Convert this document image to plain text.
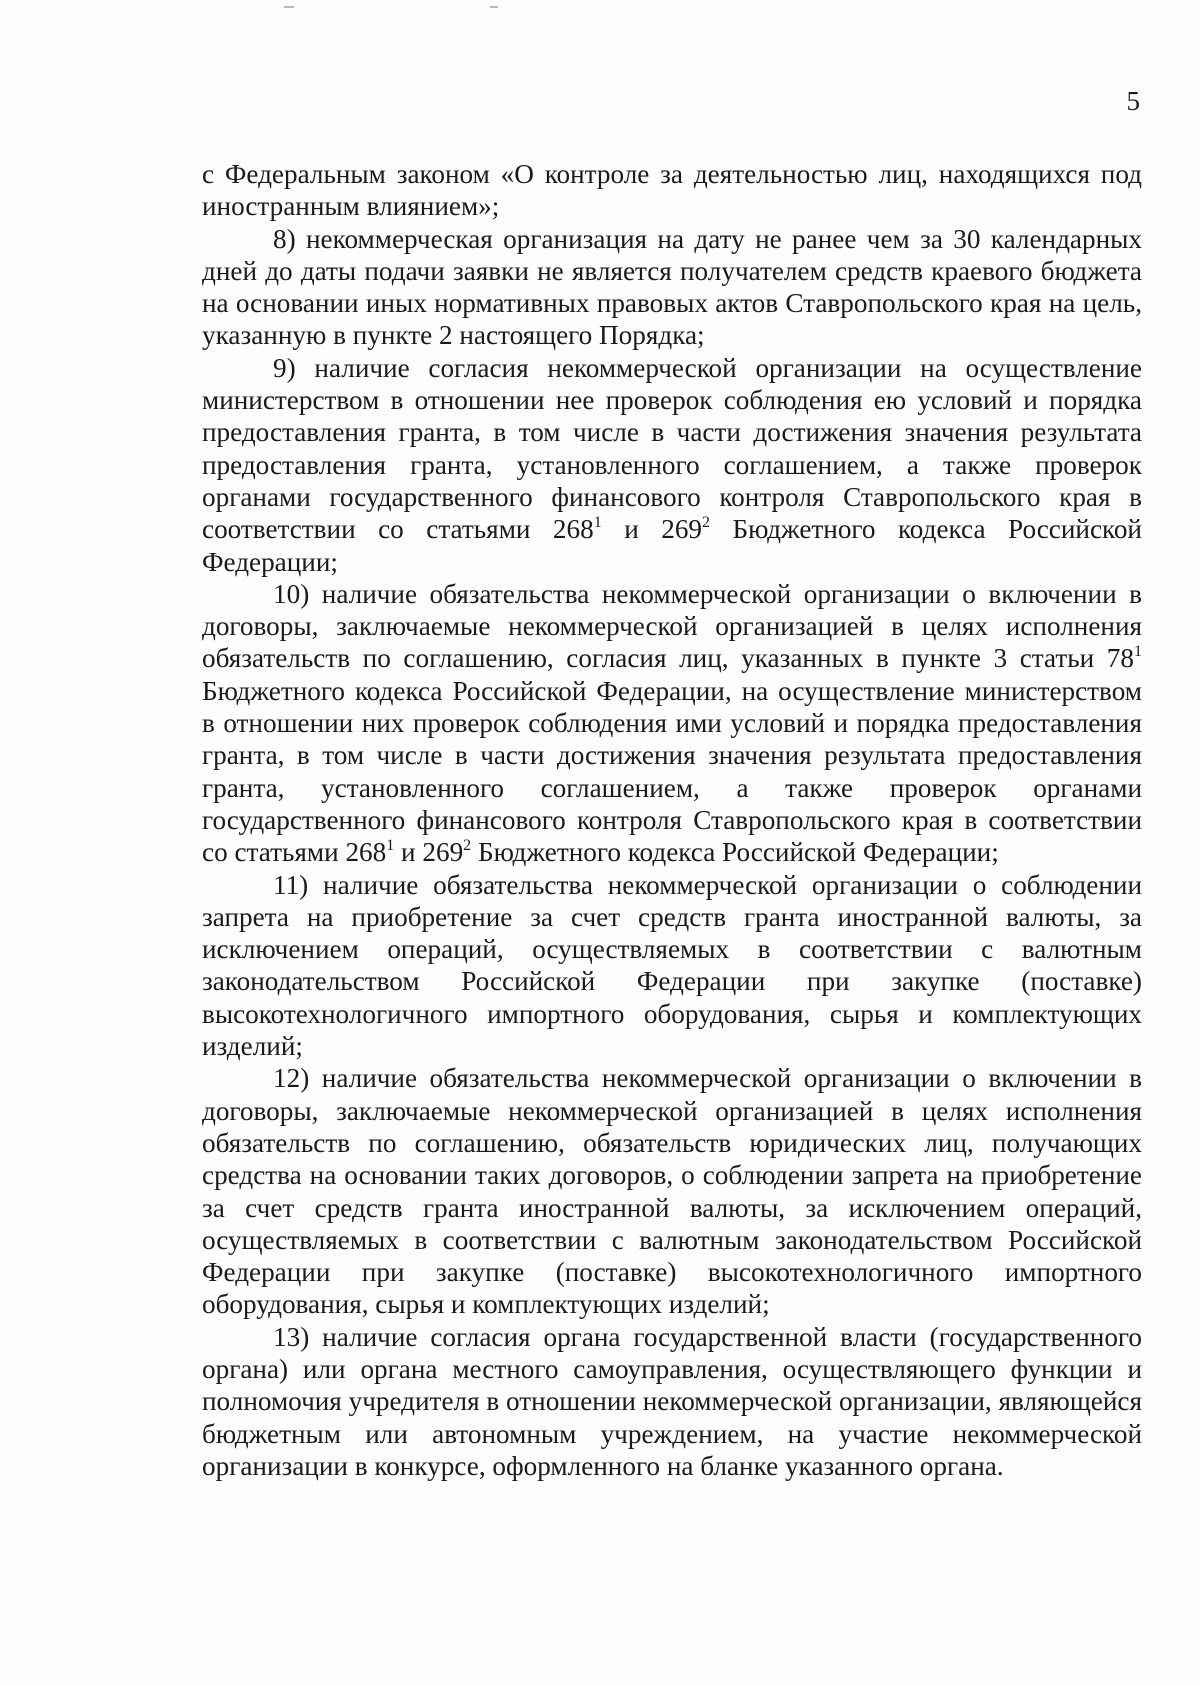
5

с Федеральным законом «О контроле за деятельностью лиц, находящихся под иностранным влиянием»;

8) некоммерческая организация на дату не ранее чем за 30 календарных дней до даты подачи заявки не является получателем средств краевого бюджета на основании иных нормативных правовых актов Ставропольского края на цель, указанную в пункте 2 настоящего Порядка;

9) наличие согласия некоммерческой организации на осуществление министерством в отношении нее проверок соблюдения ею условий и порядка предоставления гранта, в том числе в части достижения значения результата предоставления гранта, установленного соглашением, а также проверок органами государственного финансового контроля Ставропольского края в соответствии со статьями $268^1$ и $269^2$ Бюджетного кодекса Российской Федерации;

10) наличие обязательства некоммерческой организации о включении в договоры, заключаемые некоммерческой организацией в целях исполнения обязательств по соглашению, согласия лиц, указанных в пункте 3 статьи $78^1$ Бюджетного кодекса Российской Федерации, на осуществление министерством в отношении них проверок соблюдения ими условий и порядка предоставления гранта, в том числе в части достижения значения результата предоставления гранта, установленного соглашением, а также проверок органами государственного финансового контроля Ставропольского края в соответствии со статьями $268^1$ и $269^2$ Бюджетного кодекса Российской Федерации;

11) наличие обязательства некоммерческой организации о соблюдении запрета на приобретение за счет средств гранта иностранной валюты, за исключением операций, осуществляемых в соответствии с валютным законодательством Российской Федерации при закупке (поставке) высокотехнологичного импортного оборудования, сырья и комплектующих изделий;

12) наличие обязательства некоммерческой организации о включении в договоры, заключаемые некоммерческой организацией в целях исполнения обязательств по соглашению, обязательств юридических лиц, получающих средства на основании таких договоров, о соблюдении запрета на приобретение за счет средств гранта иностранной валюты, за исключением операций, осуществляемых в соответствии с валютным законодательством Российской Федерации при закупке (поставке) высокотехнологичного импортного оборудования, сырья и комплектующих изделий;

13) наличие согласия органа государственной власти (государственного органа) или органа местного самоуправления, осуществляющего функции и полномочия учредителя в отношении некоммерческой организации, являющейся бюджетным или автономным учреждением, на участие некоммерческой организации в конкурсе, оформленного на бланке указанного органа.
